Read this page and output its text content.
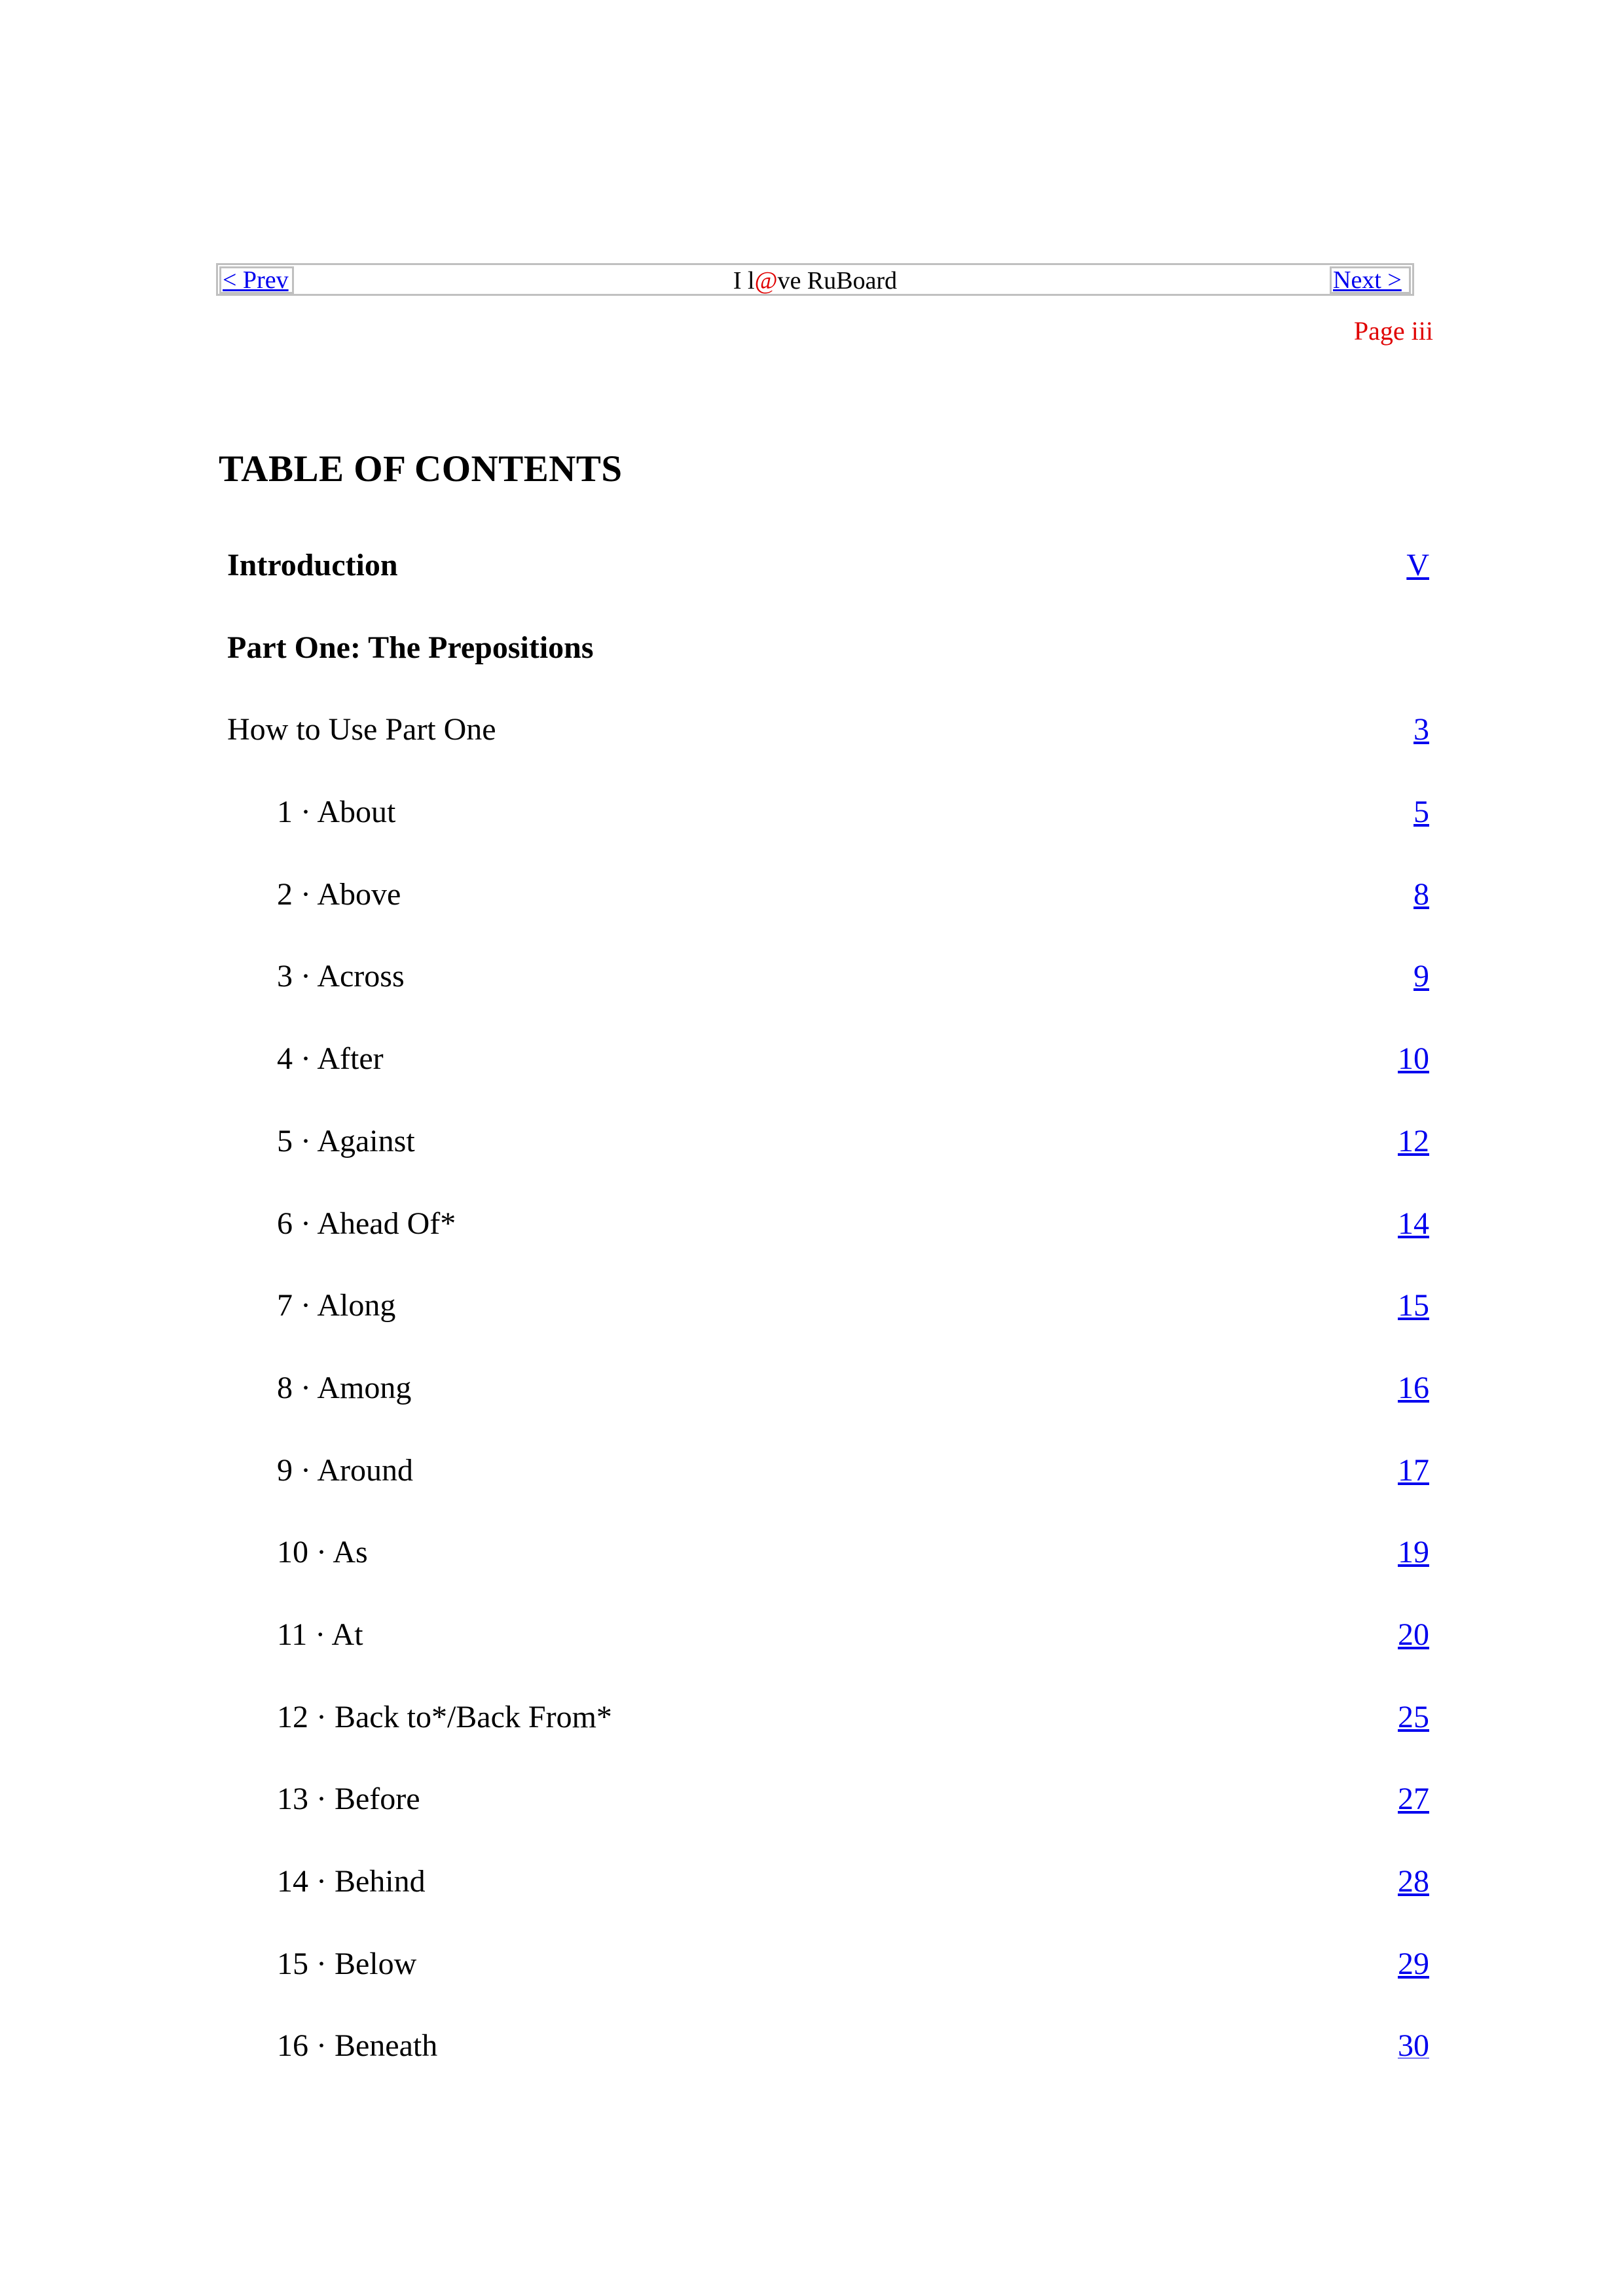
< Prev	I l@ve RuBoard	Next >
Page iii
TABLE OF CONTENTS
Introduction	V
Part One: The Prepositions
How to Use Part One	3
1 · About	5
2 · Above	8
3 · Across	9
4 · After	10
5 · Against	12
6 · Ahead Of*	14
7 · Along	15
8 · Among	16
9 · Around	17
10 · As	19
11 · At	20
12 · Back to*/Back From*	25
13 · Before	27
14 · Behind	28
15 · Below	29
16 · Beneath	30
